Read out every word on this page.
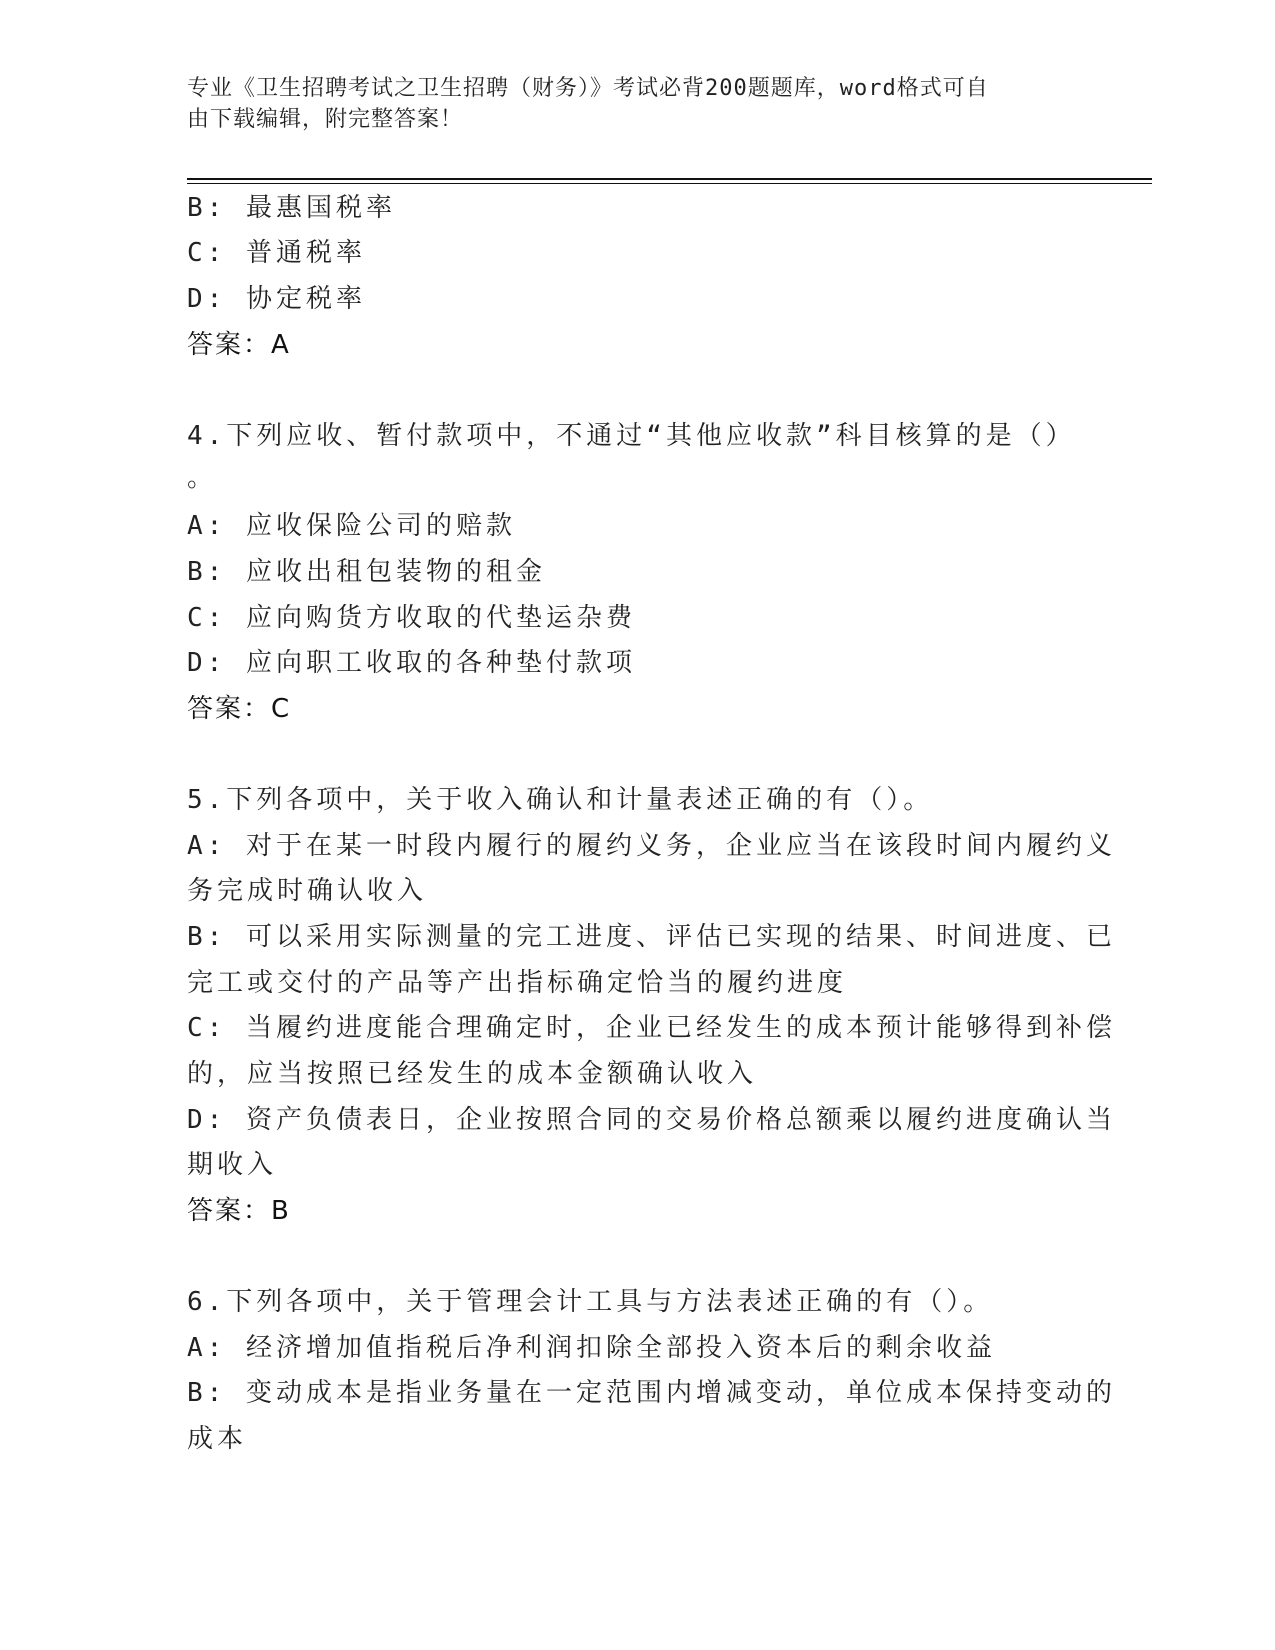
专业《卫生招聘考试之卫生招聘（财务）》考试必背200题题库，word格式可自
由下载编辑，附完整答案！
B: 最惠国税率
C: 普通税率
D: 协定税率
答案：A
4.下列应收、暂付款项中，不通过“其他应收款”科目核算的是（）
。
A: 应收保险公司的赔款
B: 应收出租包装物的租金
C: 应向购货方收取的代垫运杂费
D: 应向职工收取的各种垫付款项
答案：C
5.下列各项中，关于收入确认和计量表述正确的有（）。
A: 对于在某一时段内履行的履约义务，企业应当在该段时间内履约义
务完成时确认收入
B: 可以采用实际测量的完工进度、评估已实现的结果、时间进度、已
完工或交付的产品等产出指标确定恰当的履约进度
C: 当履约进度能合理确定时，企业已经发生的成本预计能够得到补偿
的，应当按照已经发生的成本金额确认收入
D: 资产负债表日，企业按照合同的交易价格总额乘以履约进度确认当
期收入
答案：B
6.下列各项中，关于管理会计工具与方法表述正确的有（）。
A: 经济增加值指税后净利润扣除全部投入资本后的剩余收益
B: 变动成本是指业务量在一定范围内增减变动，单位成本保持变动的
成本
